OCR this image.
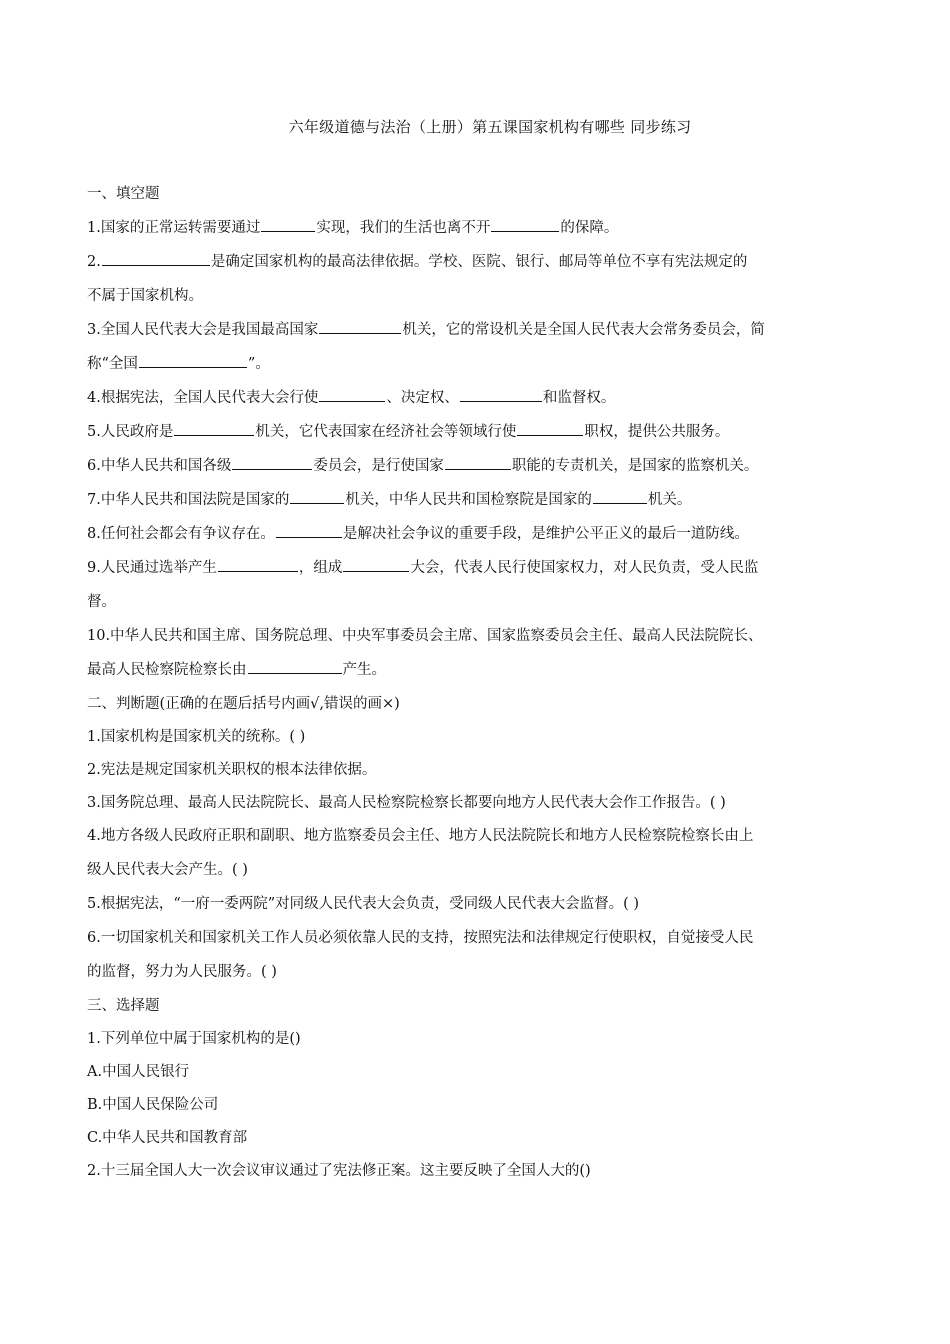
六年级道德与法治（上册）第五课国家机构有哪些 同步练习
一、填空题
1.国家的正常运转需要通过	实现，我们的生活也离不开	的保障。
2.	是确定国家机构的最高法律依据。学校、医院、银行、邮局等单位不享有宪法规定的
不属于国家机构。
3.全国人民代表大会是我国最高国家	机关，它的常设机关是全国人民代表大会常务委员会，简
称“全国	”。
4.根据宪法，全国人民代表大会行使	、决定权、	和监督权。
5.人民政府是	机关，它代表国家在经济社会等领域行使	职权，提供公共服务。
6.中华人民共和国各级	委员会，是行使国家	职能的专责机关，是国家的监察机关。
7.中华人民共和国法院是国家的	机关，中华人民共和国检察院是国家的	机关。
8.任何社会都会有争议存在。	是解决社会争议的重要手段，是维护公平正义的最后一道防线。
9.人民通过选举产生	，组成	大会，代表人民行使国家权力，对人民负责，受人民监
督。
10.中华人民共和国主席、国务院总理、中央军事委员会主席、国家监察委员会主任、最高人民法院院长、
最高人民检察院检察长由	产生。
二、判断题(正确的在题后括号内画√,错误的画×)
1.国家机构是国家机关的统称。( )
2.宪法是规定国家机关职权的根本法律依据。
3.国务院总理、最高人民法院院长、最高人民检察院检察长都要向地方人民代表大会作工作报告。( )
4.地方各级人民政府正职和副职、地方监察委员会主任、地方人民法院院长和地方人民检察院检察长由上
级人民代表大会产生。( )
5.根据宪法，“一府一委两院”对同级人民代表大会负责，受同级人民代表大会监督。( )
6.一切国家机关和国家机关工作人员必须依靠人民的支持，按照宪法和法律规定行使职权，自觉接受人民
的监督，努力为人民服务。( )
三、选择题
1.下列单位中属于国家机构的是()
A.中国人民银行
B.中国人民保险公司
C.中华人民共和国教育部
2.十三届全国人大一次会议审议通过了宪法修正案。这主要反映了全国人大的()
